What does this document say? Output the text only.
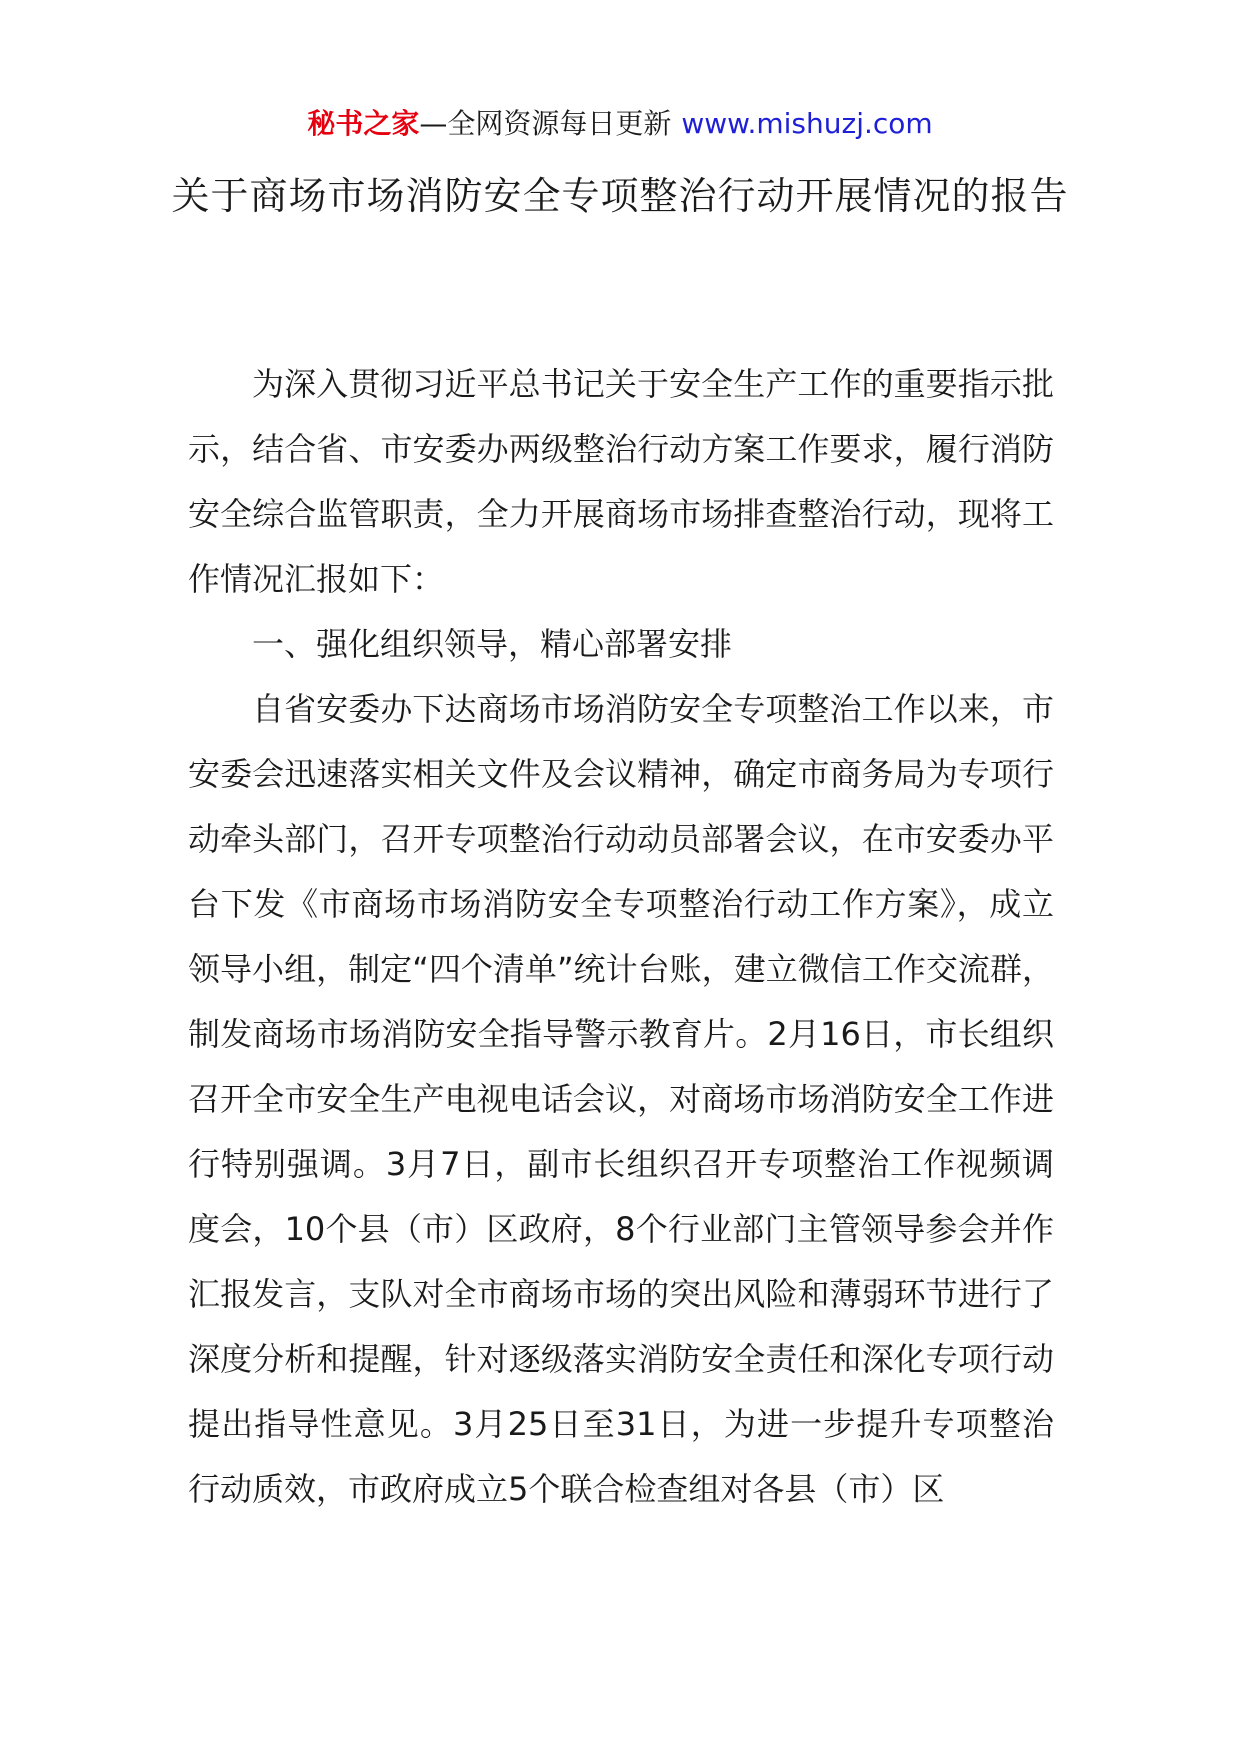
秘书之家—全网资源每日更新 www.mishuzj.com
关于商场市场消防安全专项整治行动开展情况的报告

为深入贯彻习近平总书记关于安全生产工作的重要指示批示，结合省、市安委办两级整治行动方案工作要求，履行消防安全综合监管职责，全力开展商场市场排查整治行动，现将工作情况汇报如下：

一、强化组织领导，精心部署安排

自省安委办下达商场市场消防安全专项整治工作以来，市安委会迅速落实相关文件及会议精神，确定市商务局为专项行动牵头部门，召开专项整治行动动员部署会议，在市安委办平台下发《市商场市场消防安全专项整治行动工作方案》，成立领导小组，制定“四个清单”统计台账，建立微信工作交流群，制发商场市场消防安全指导警示教育片。2月16日，市长组织召开全市安全生产电视电话会议，对商场市场消防安全工作进行特别强调。3月7日，副市长组织召开专项整治工作视频调度会，10个县（市）区政府，8个行业部门主管领导参会并作汇报发言，支队对全市商场市场的突出风险和薄弱环节进行了深度分析和提醒，针对逐级落实消防安全责任和深化专项行动提出指导性意见。3月25日至31日，为进一步提升专项整治行动质效，市政府成立5个联合检查组对各县（市）区
